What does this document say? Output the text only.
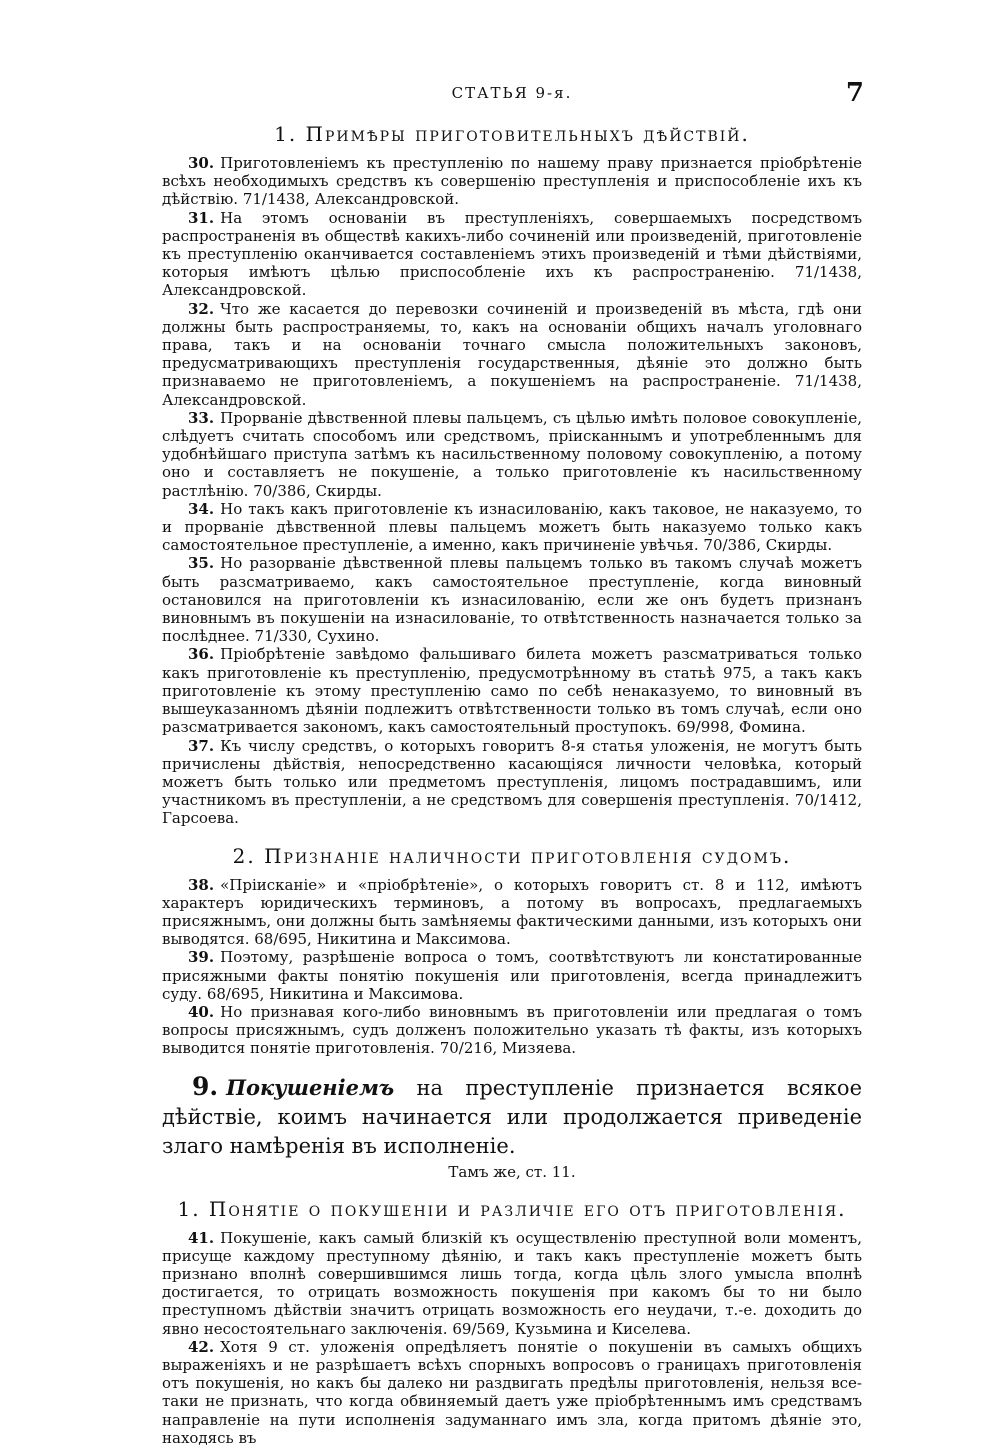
СТАТЬЯ 9-я.	7
1. Примѣры приготовительныхъ дѣйствій.

30. Приготовленіемъ къ преступленію по нашему праву признается пріобрѣтеніе всѣхъ необходимыхъ средствъ къ совершенію преступленія и приспособленіе ихъ къ дѣйствію. 71/1438, Александровской.

31. На этомъ основаніи въ преступленіяхъ, совершаемыхъ посредствомъ распространенія въ обществѣ какихъ-либо сочиненій или произведеній, приготовленіе къ преступленію оканчивается составленіемъ этихъ произведеній и тѣми дѣйствіями, которыя имѣютъ цѣлью приспособленіе ихъ къ распространенію. 71/1438, Александровской.

32. Что же касается до перевозки сочиненій и произведеній въ мѣста, гдѣ они должны быть распространяемы, то, какъ на основаніи общихъ началъ уголовнаго права, такъ и на основаніи точнаго смысла положительныхъ законовъ, предусматривающихъ преступленія государственныя, дѣяніе это должно быть признаваемо не приготовленіемъ, а покушеніемъ на распространеніе. 71/1438, Александровской.

33. Прорваніе дѣвственной плевы пальцемъ, съ цѣлью имѣть половое совокупленіе, слѣдуетъ считать способомъ или средствомъ, пріисканнымъ и употребленнымъ для удобнѣйшаго приступа затѣмъ къ насильственному половому совокупленію, а потому оно и составляетъ не покушеніе, а только приготовленіе къ насильственному растлѣнію. 70/386, Скирды.

34. Но такъ какъ приготовленіе къ изнасилованію, какъ таковое, не наказуемо, то и прорваніе дѣвственной плевы пальцемъ можетъ быть наказуемо только какъ самостоятельное преступленіе, а именно, какъ причиненіе увѣчья. 70/386, Скирды.

35. Но разорваніе дѣвственной плевы пальцемъ только въ такомъ случаѣ можетъ быть разсматриваемо, какъ самостоятельное преступленіе, когда виновный остановился на приготовленіи къ изнасилованію, если же онъ будетъ признанъ виновнымъ въ покушеніи на изнасилованіе, то отвѣтственность назначается только за послѣднее. 71/330, Сухино.

36. Пріобрѣтеніе завѣдомо фальшиваго билета можетъ разсматриваться только какъ приготовленіе къ преступленію, предусмотрѣнному въ статьѣ 975, а такъ какъ приготовленіе къ этому преступленію само по себѣ ненаказуемо, то виновный въ вышеуказанномъ дѣяніи подлежитъ отвѣтственности только въ томъ случаѣ, если оно разсматривается закономъ, какъ самостоятельный проступокъ. 69/998, Фомина.

37. Къ числу средствъ, о которыхъ говоритъ 8-я статья уложенія, не могутъ быть причислены дѣйствія, непосредственно касающіяся личности человѣка, который можетъ быть только или предметомъ преступленія, лицомъ пострадавшимъ, или участникомъ въ преступленіи, а не средствомъ для совершенія преступленія. 70/1412, Гарсоева.

2. Признаніе наличности приготовленія судомъ.

38. «Пріисканіе» и «пріобрѣтеніе», о которыхъ говоритъ ст. 8 и 112, имѣютъ характеръ юридическихъ терминовъ, а потому въ вопросахъ, предлагаемыхъ присяжнымъ, они должны быть замѣняемы фактическими данными, изъ которыхъ они выводятся. 68/695, Никитина и Максимова.

39. Поэтому, разрѣшеніе вопроса о томъ, соотвѣтствуютъ ли констатированные присяжными факты понятію покушенія или приготовленія, всегда принадлежитъ суду. 68/695, Никитина и Максимова.

40. Но признавая кого-либо виновнымъ въ приготовленіи или предлагая о томъ вопросы присяжнымъ, судъ долженъ положительно указать тѣ факты, изъ которыхъ выводится понятіе приготовленія. 70/216, Мизяева.

9. Покушеніемъ на преступленіе признается всякое дѣйствіе, коимъ начинается или продолжается приведеніе злаго намѣренія въ исполненіе.
Тамъ же, ст. 11.
1. Понятіе о покушеніи и различіе его отъ приготовленія.

41. Покушеніе, какъ самый близкій къ осуществленію преступной воли моментъ, присуще каждому преступному дѣянію, и такъ какъ преступленіе можетъ быть признано вполнѣ совершившимся лишь тогда, когда цѣль злого умысла вполнѣ достигается, то отрицать возможность покушенія при какомъ бы то ни было преступномъ дѣйствіи значитъ отрицать возможность его неудачи, т.-е. доходить до явно несостоятельнаго заключенія. 69/569, Кузьмина и Киселева.

42. Хотя 9 ст. уложенія опредѣляетъ понятіе о покушеніи въ самыхъ общихъ выраженіяхъ и не разрѣшаетъ всѣхъ спорныхъ вопросовъ о границахъ приготовленія отъ покушенія, но какъ бы далеко ни раздвигать предѣлы приготовленія, нельзя все-таки не признать, что когда обвиняемый даетъ уже пріобрѣтеннымъ имъ средствамъ направленіе на пути исполненія задуманнаго имъ зла, когда притомъ дѣяніе это, находясь въ
